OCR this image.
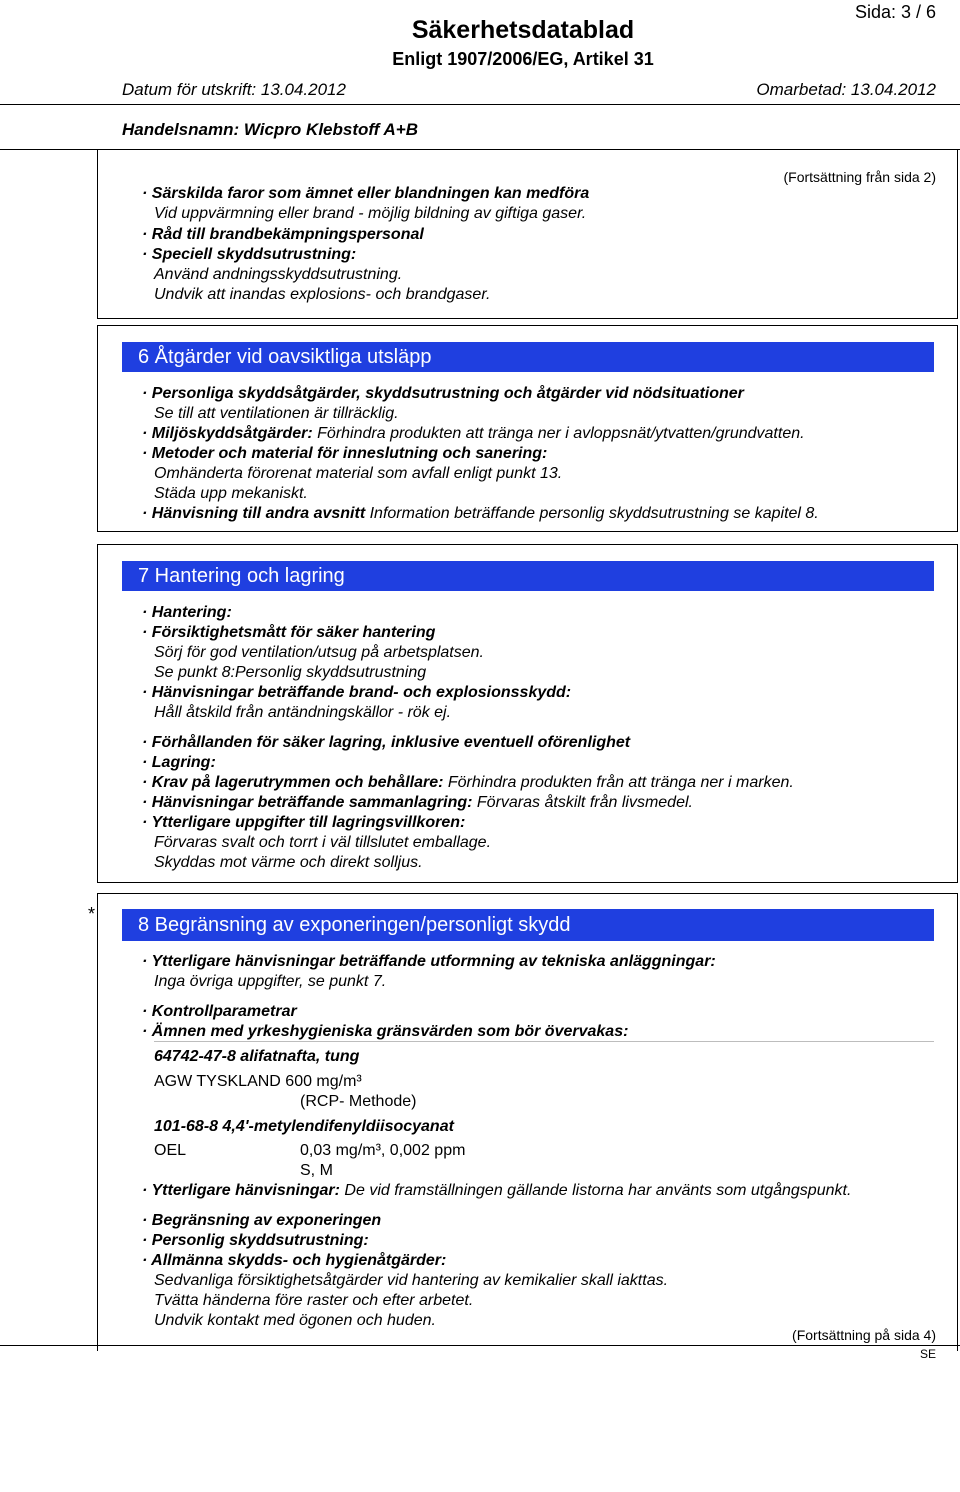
Sida: 3 / 6
Säkerhetsdatablad
Enligt 1907/2006/EG, Artikel 31
Datum för utskrift: 13.04.2012	Omarbetad: 13.04.2012
Handelsnamn: Wicpro Klebstoff A+B
(Fortsättning från sida 2)
· Särskilda faror som ämnet eller blandningen kan medföra
Vid uppvärmning eller brand - möjlig bildning av giftiga gaser.
· Råd till brandbekämpningspersonal
· Speciell skyddsutrustning:
Använd andningsskyddsutrustning.
Undvik att inandas explosions- och brandgaser.
6 Åtgärder vid oavsiktliga utsläpp
· Personliga skyddsåtgärder, skyddsutrustning och åtgärder vid nödsituationer
Se till att ventilationen är tillräcklig.
· Miljöskyddsåtgärder: Förhindra produkten att tränga ner i avloppsnät/ytvatten/grundvatten.
· Metoder och material för inneslutning och sanering:
Omhänderta förorenat material som avfall enligt punkt 13.
Städa upp mekaniskt.
· Hänvisning till andra avsnitt Information beträffande personlig skyddsutrustning se kapitel 8.
7 Hantering och lagring
· Hantering:
· Försiktighetsmått för säker hantering
Sörj för god ventilation/utsug på arbetsplatsen.
Se punkt 8:Personlig skyddsutrustning
· Hänvisningar beträffande brand- och explosionsskydd:
Håll åtskild från antändningskällor - rök ej.
· Förhållanden för säker lagring, inklusive eventuell oförenlighet
· Lagring:
· Krav på lagerutrymmen och behållare: Förhindra produkten från att tränga ner i marken.
· Hänvisningar beträffande sammanlagring: Förvaras åtskilt från livsmedel.
· Ytterligare uppgifter till lagringsvillkoren:
Förvaras svalt och torrt i väl tillslutet emballage.
Skyddas mot värme och direkt solljus.
*	8 Begränsning av exponeringen/personligt skydd
· Ytterligare hänvisningar beträffande utformning av tekniska anläggningar:
Inga övriga uppgifter, se punkt 7.
· Kontrollparametrar
· Ämnen med yrkeshygieniska gränsvärden som bör övervakas:
64742-47-8 alifatnafta, tung
AGW TYSKLAND 600 mg/m³
(RCP- Methode)
101-68-8 4,4'-metylendifenyldiisocyanat
OEL	0,03 mg/m³, 0,002 ppm
S, M
· Ytterligare hänvisningar: De vid framställningen gällande listorna har använts som utgångspunkt.
· Begränsning av exponeringen
· Personlig skyddsutrustning:
· Allmänna skydds- och hygienåtgärder:
Sedvanliga försiktighetsåtgärder vid hantering av kemikalier skall iakttas.
Tvätta händerna före raster och efter arbetet.
Undvik kontakt med ögonen och huden.
(Fortsättning på sida 4)
SE
